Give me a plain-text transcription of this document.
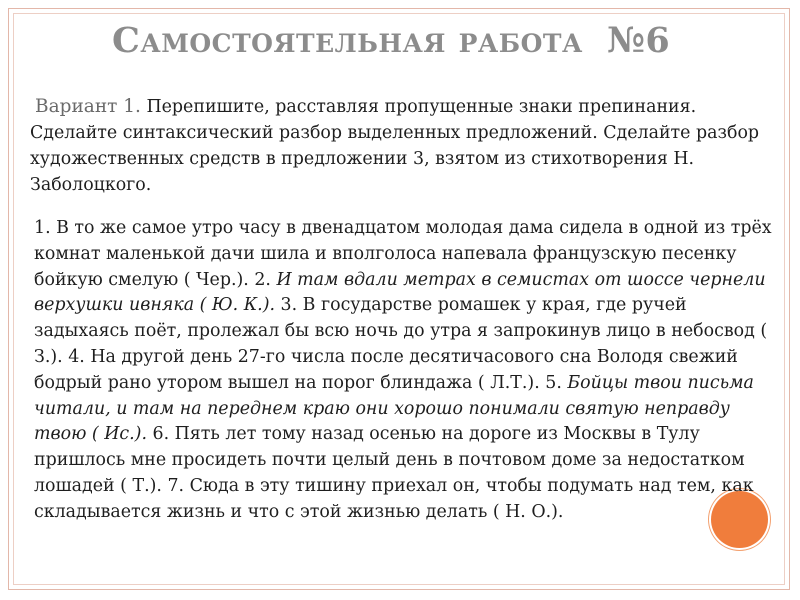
Самостоятельная работа №6

Вариант 1. Перепишите, расставляя пропущенные знаки препинания. Сделайте синтаксический разбор выделенных предложений. Сделайте разбор художественных средств в предложении 3, взятом из стихотворения Н. Заболоцкого.

1. В то же самое утро часу в двенадцатом молодая дама сидела в одной из трёх комнат маленькой дачи шила и вполголоса напевала французскую песенку бойкую смелую ( Чер.). 2. И там вдали метрах в семистах от шоссе чернели верхушки ивняка ( Ю. К.). 3. В государстве ромашек у края, где ручей задыхаясь поёт, пролежал бы всю ночь до утра я запрокинув лицо в небосвод ( З.). 4. На другой день 27-го числа после десятичасового сна Володя свежий бодрый рано утором вышел на порог блиндажа ( Л.Т.). 5. Бойцы твои письма читали, и там на переднем краю они хорошо понимали святую неправду твою ( Ис.). 6. Пять лет тому назад осенью на дороге из Москвы в Тулу пришлось мне просидеть почти целый день в почтовом доме за недостатком лошадей ( Т.). 7. Сюда в эту тишину приехал он, чтобы подумать над тем, как складывается жизнь и что с этой жизнью делать ( Н. О.).
